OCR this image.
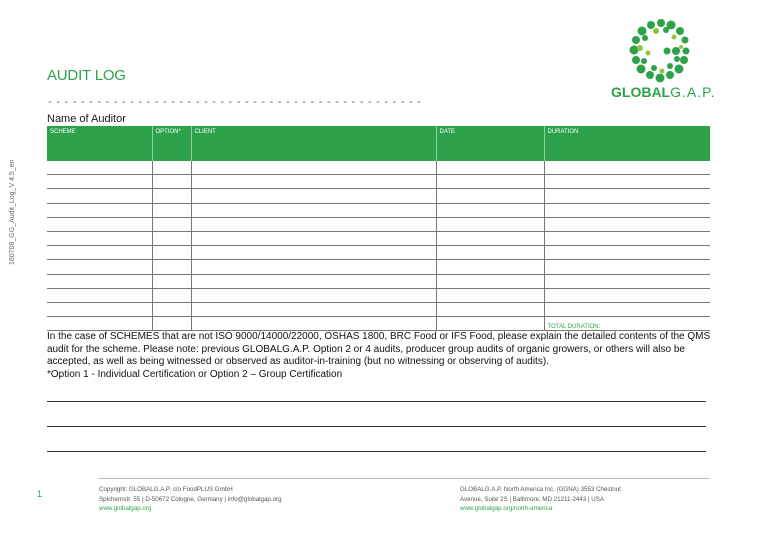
AUDIT LOG
----------------------------------------------
Name of Auditor
160708_GG_Audit_Log_V 4.5_en
GLOBALG.A.P.
SCHEME	OPTION*	CLIENT	DATE	DURATION

				TOTAL DURATION:
In the case of SCHEMES that are not ISO 9000/14000/22000, OSHAS 1800, BRC Food or IFS Food, please explain the detailed contents of the QMS audit for the scheme. Please note: previous GLOBALG.A.P. Option 2 or 4 audits, producer group audits of organic growers, or others will also be accepted, as well as being witnessed or observed as auditor-in-training (but no witnessing or observing of audits).
*Option 1 - Individual Certification or Option 2 – Group Certification
1	Copyright: GLOBALG.A.P. c/o FoodPLUS GmbH
Spichernstr. 55 | D-50672 Cologne, Germany | info@globalgap.org
www.globalgap.org
GLOBALG.A.P. North America Inc. (GGNA) 3553 Chestnut
Avenue, Suite 2S | Baltimore, MD 21211-2443 | USA
www.globalgap.org/north-america
